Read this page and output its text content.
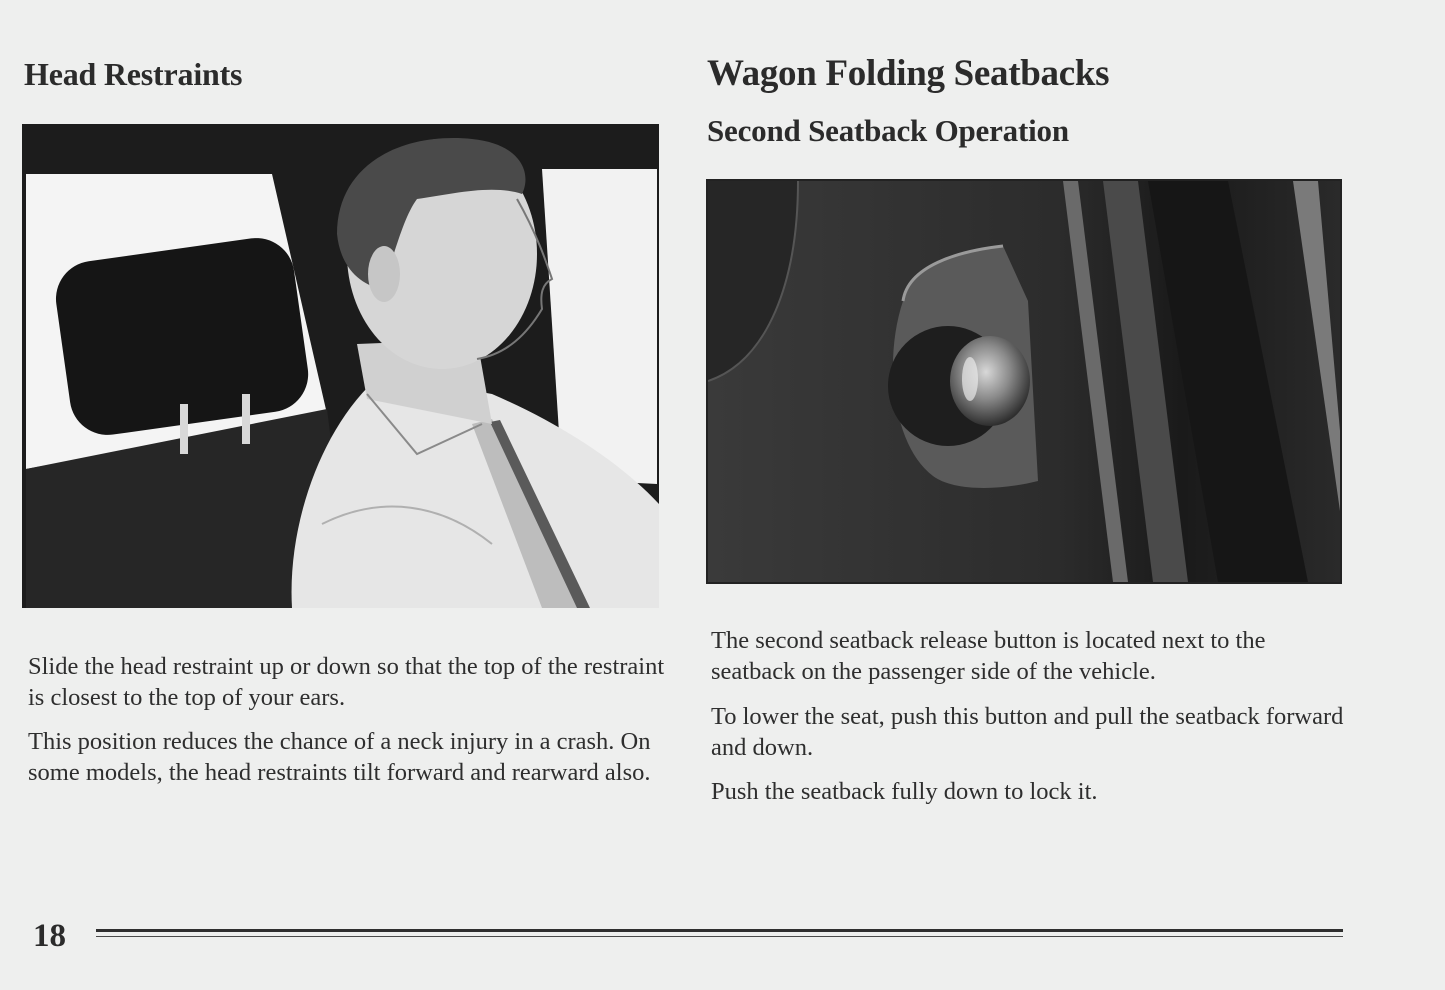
Head Restraints

Slide the head restraint up or down so that the top of the restraint is closest to the top of your ears.

This position reduces the chance of a neck injury in a crash. On some models, the head restraints tilt forward and rearward also.

Wagon Folding Seatbacks
Second Seatback Operation

The second seatback release button is located next to the seatback on the passenger side of the vehicle.

To lower the seat, push this button and pull the seatback forward and down.

Push the seatback fully down to lock it.

18
